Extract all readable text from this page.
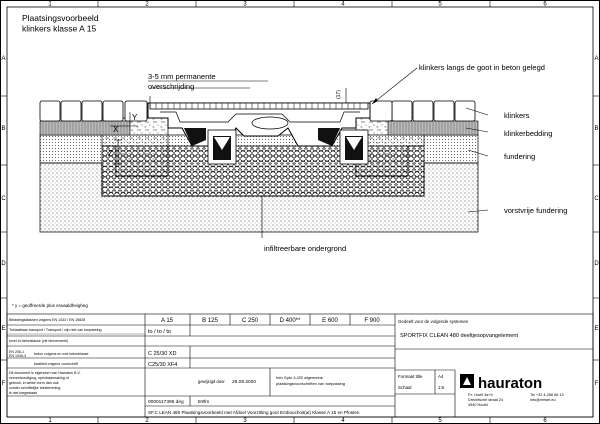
1	2	3	4	5	6
1	2	3	4	5	6
A
B
C
D
E
F
A
B
C
D
E
F
Plaatsingsvoorbeeld
klinkers klasse A 15
X
Y
Z
(17)
3-5 mm permanente
overschrijding
klinkers langs de goot in beton gelegd
klinkers
klinkerbedding
fundering
vorstvrije fundering
infiltreerbare ondergrond
* y = geoffreerde plus erwaaldheigheg
Belastingsklassen volgens EN 1433 / EN 15828
Toelaatbaar transport / Transport / zijn niet van toepassing
Inzet in betonklasse (zie binnenwerk)
EN 206-1
EN 1045-3 beton volgens en met betonklasse
kwaliteit volgens voorschrift
Dit document is eigendom van Hauraton B.V.
verveelvoudiging, openbaarmaking of
gebruik, in welke vorm dan ook
zonder schriftelijke toestemming
is niet toegestaan
A 15	B 125	C 250	D 400**	E 600	F 900
to / to / to
C 25/30 XD
C25/30 XF4
gewijzigd door 29.09.2020
Info Gyto 4-/ZE afgemeine
plaatsingsvoorschriften van toepassing
0000117395 deg	E9fm
SF.C LEAN 480 Plaatsingsvoorbeeld met Afdoel Voorzitting goot Embouchoit(al) Klasse A 15 en Pfosten
Gedeelt voor de volgende systemen
SPORTFIX CLEAN 480 deeltjesopvangelement
Formaat title	A4
Schaal	1:6 hauraton
P.r. Hoelt 3a+0
Drechtsche straat 24
4940 Hoofd
Tel +32 4-266 66 13
info@entset.eu
